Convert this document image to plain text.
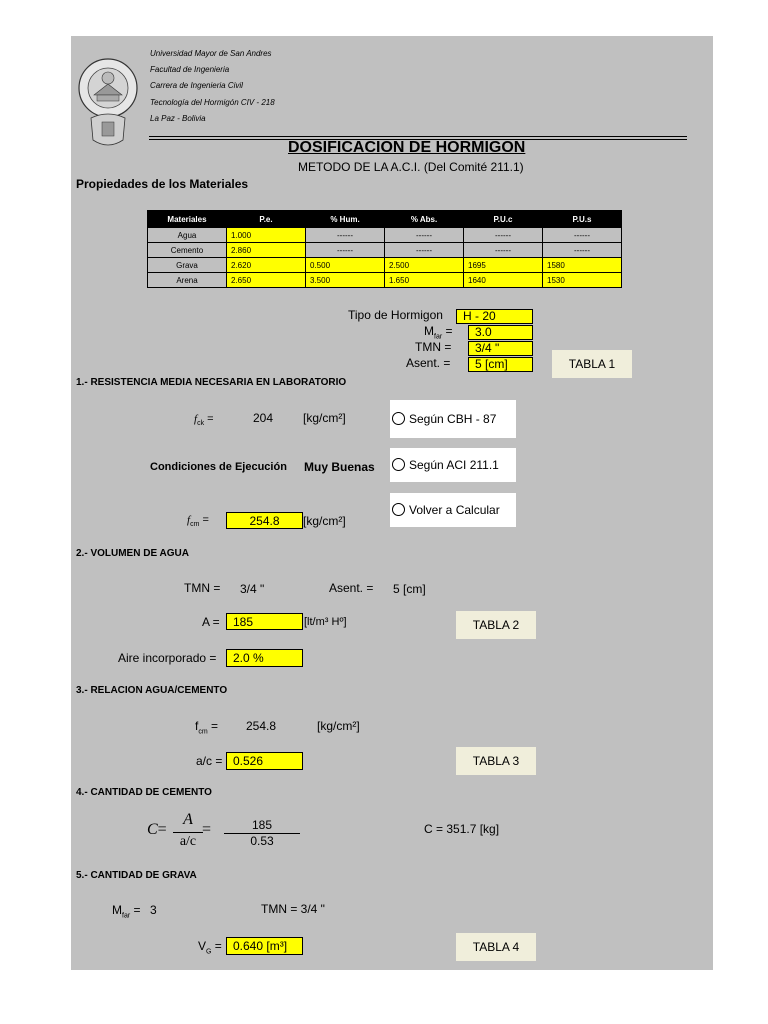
Universidad Mayor de San Andres
Facultad de Ingenieria
Carrera de Ingenieria Civil
Tecnología del Hormigón CIV - 218
La Paz - Bolivia
DOSIFICACION DE HORMIGON
METODO DE LA A.C.I. (Del Comité 211.1)
Propiedades de los Materiales
Materiales	P.e.	% Hum.	% Abs.	P.U.c	P.U.s
Agua	1.000	------	------	------	------
Cemento	2.860	------	------	------	------
Grava	2.620	0.500	2.500	1695	1580
Arena	2.650	3.500	1.650	1640	1530
Tipo de Hormigon	H - 20
$M_{far}$ =	3.0
TMN =	3/4 "
Asent. =	5 [cm]	TABLA 1
1.- RESISTENCIA MEDIA NECESARIA EN LABORATORIO
$f_{ck}$ =	204 [kg/cm²]	Según CBH - 87
Condiciones de Ejecución Muy Buenas	Según ACI 211.1
Volver a Calcular
$f_{cm}$ =	254.8	[kg/cm²]
2.- VOLUMEN DE AGUA
TMN = 3/4 "	Asent. = 5 [cm]
A =	185	[lt/m³ Hº]	TABLA 2
Aire incorporado =	2.0 %
3.- RELACION AGUA/CEMENTO
$f_{cm} = 254.8$	[kg/cm²]
a/c = 0.526	TABLA 3
4.- CANTIDAD DE CEMENTO
C=
A
a/c
=	185
0.53
C = 351.7 [kg]
5.- CANTIDAD DE GRAVA
$M_{far} = 3$	TMN = 3/4 "
$V_G = 0.640$ [m³]	TABLA 4
